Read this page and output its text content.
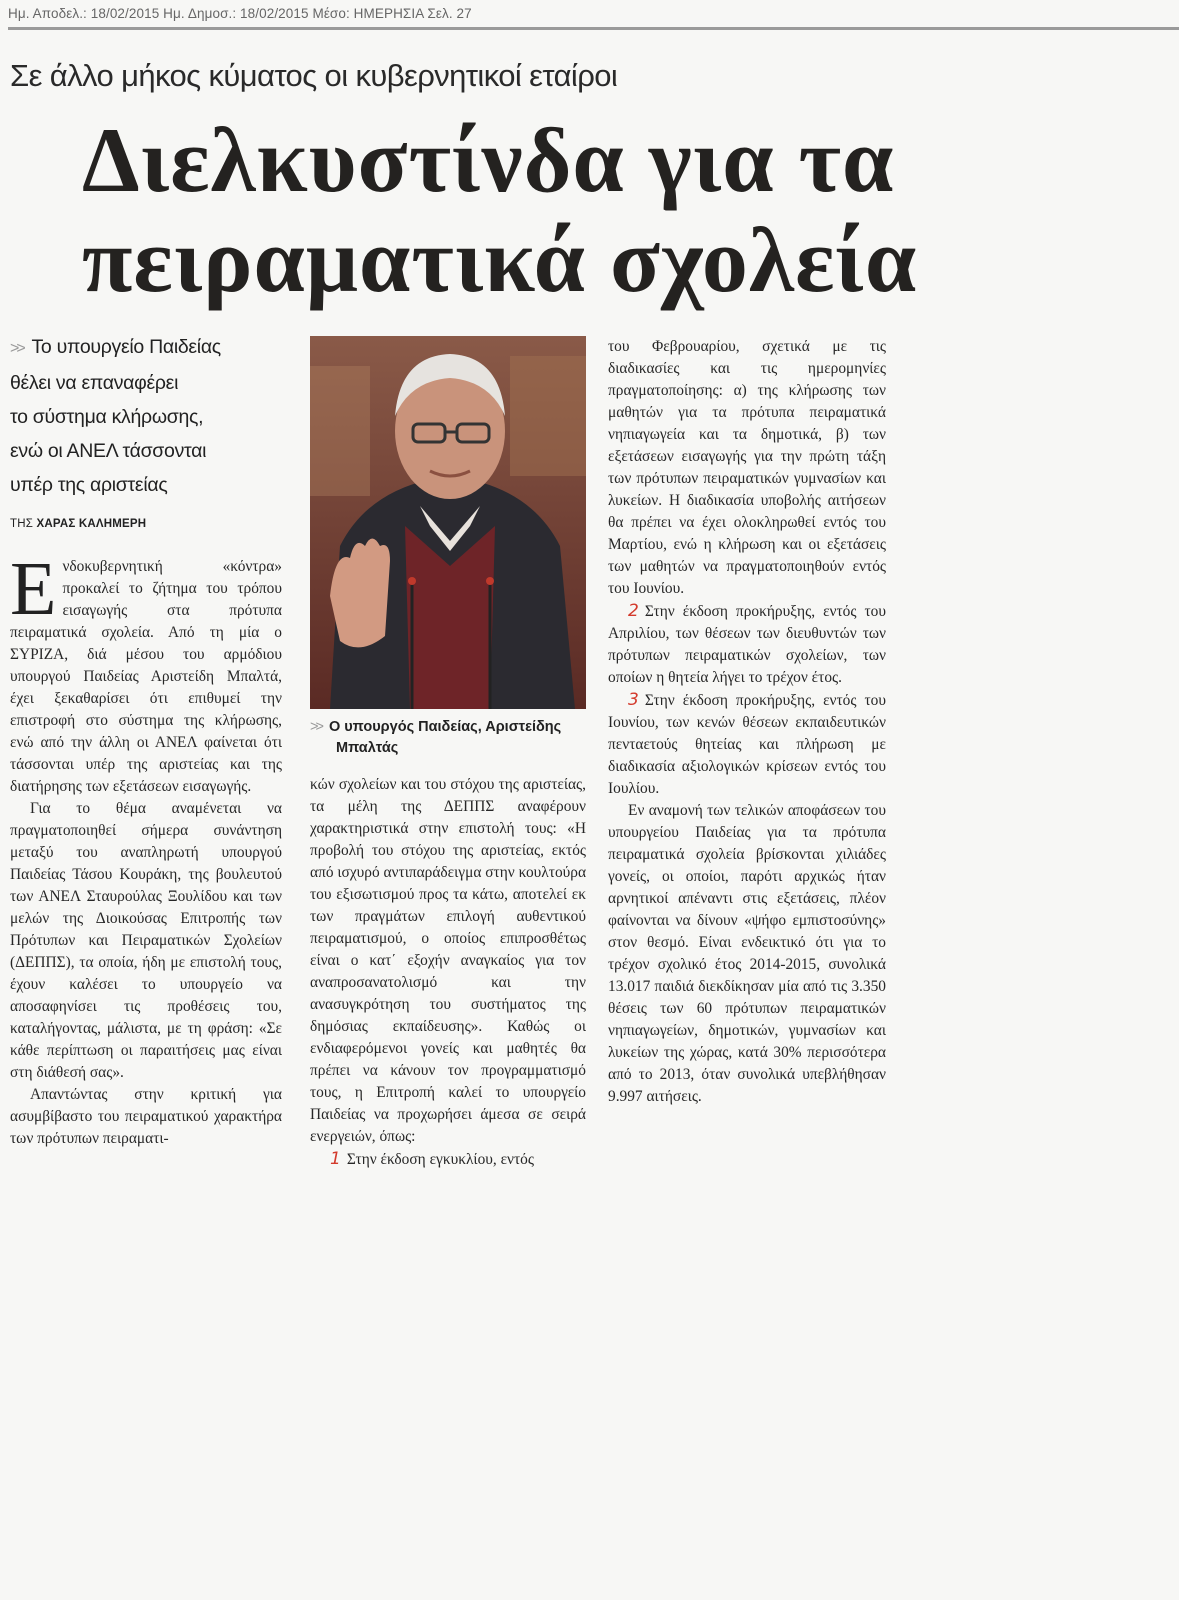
Ημ. Αποδελ.: 18/02/2015 Ημ. Δημοσ.: 18/02/2015 Μέσο: ΗΜΕΡΗΣΙΑ Σελ. 27
Σε άλλο μήκος κύματος οι κυβερνητικοί εταίροι
Διελκυστίνδα για τα
πειραματικά σχολεία
>> Το υπουργείο Παιδείας
θέλει να επαναφέρει
το σύστημα κλήρωσης,
ενώ οι ΑΝΕΛ τάσσονται
υπέρ της αριστείας
ΤΗΣ ΧΑΡΑΣ ΚΑΛΗΜΕΡΗ

Ενδοκυβερνητική «κόντρα» προκαλεί το ζήτημα του τρόπου εισαγωγής στα πρότυπα πειραματικά σχολεία. Από τη μία ο ΣΥΡΙΖΑ, διά μέσου του αρμόδιου υπουργού Παιδείας Αριστείδη Μπαλτά, έχει ξεκαθαρίσει ότι επιθυμεί την επιστροφή στο σύστημα της κλήρωσης, ενώ από την άλλη οι ΑΝΕΛ φαίνεται ότι τάσσονται υπέρ της αριστείας και της διατήρησης των εξετάσεων εισαγωγής.

Για το θέμα αναμένεται να πραγματοποιηθεί σήμερα συνάντηση μεταξύ του αναπληρωτή υπουργού Παιδείας Τάσου Κουράκη, της βουλευτού των ΑΝΕΛ Σταυρούλας Ξουλίδου και των μελών της Διοικούσας Επιτροπής των Πρότυπων και Πειραματικών Σχολείων (ΔΕΠΠΣ), τα οποία, ήδη με επιστολή τους, έχουν καλέσει το υπουργείο να αποσαφηνίσει τις προθέσεις του, καταλήγοντας, μάλιστα, με τη φράση: «Σε κάθε περίπτωση οι παραιτήσεις μας είναι στη διάθεσή σας».

Απαντώντας στην κριτική για ασυμβίβαστο του πειραματικού χαρακτήρα των πρότυπων πειραματι-

>> Ο υπουργός Παιδείας, Αριστείδης
Μπαλτάς

κών σχολείων και του στόχου της αριστείας, τα μέλη της ΔΕΠΠΣ αναφέρουν χαρακτηριστικά στην επιστολή τους: «Η προβολή του στόχου της αριστείας, εκτός από ισχυρό αντιπαράδειγμα στην κουλτούρα του εξισωτισμού προς τα κάτω, αποτελεί εκ των πραγμάτων επιλογή αυθεντικού πειραματισμού, ο οποίος επιπροσθέτως είναι ο κατ΄ εξοχήν αναγκαίος για τον αναπροσανατολισμό και την ανασυγκρότηση του συστήματος της δημόσιας εκπαίδευσης». Καθώς οι ενδιαφερόμενοι γονείς και μαθητές θα πρέπει να κάνουν τον προγραμματισμό τους, η Επιτροπή καλεί το υπουργείο Παιδείας να προχωρήσει άμεσα σε σειρά ενεργειών, όπως:

1 Στην έκδοση εγκυκλίου, εντός

του Φεβρουαρίου, σχετικά με τις διαδικασίες και τις ημερομηνίες πραγματοποίησης: α) της κλήρωσης των μαθητών για τα πρότυπα πειραματικά νηπιαγωγεία και τα δημοτικά, β) των εξετάσεων εισαγωγής για την πρώτη τάξη των πρότυπων πειραματικών γυμνασίων και λυκείων. Η διαδικασία υποβολής αιτήσεων θα πρέπει να έχει ολοκληρωθεί εντός του Μαρτίου, ενώ η κλήρωση και οι εξετάσεις των μαθητών να πραγματοποιηθούν εντός του Ιουνίου.

2 Στην έκδοση προκήρυξης, εντός του Απριλίου, των θέσεων των διευθυντών των πρότυπων πειραματικών σχολείων, των οποίων η θητεία λήγει το τρέχον έτος.

3 Στην έκδοση προκήρυξης, εντός του Ιουνίου, των κενών θέσεων εκπαιδευτικών πενταετούς θητείας και πλήρωση με διαδικασία αξιολογικών κρίσεων εντός του Ιουλίου.

Εν αναμονή των τελικών αποφάσεων του υπουργείου Παιδείας για τα πρότυπα πειραματικά σχολεία βρίσκονται χιλιάδες γονείς, οι οποίοι, παρότι αρχικώς ήταν αρνητικοί απέναντι στις εξετάσεις, πλέον φαίνονται να δίνουν «ψήφο εμπιστοσύνης» στον θεσμό. Είναι ενδεικτικό ότι για το τρέχον σχολικό έτος 2014-2015, συνολικά 13.017 παιδιά διεκδίκησαν μία από τις 3.350 θέσεις των 60 πρότυπων πειραματικών νηπιαγωγείων, δημοτικών, γυμνασίων και λυκείων της χώρας, κατά 30% περισσότερα από το 2013, όταν συνολικά υπεβλήθησαν 9.997 αιτήσεις.
